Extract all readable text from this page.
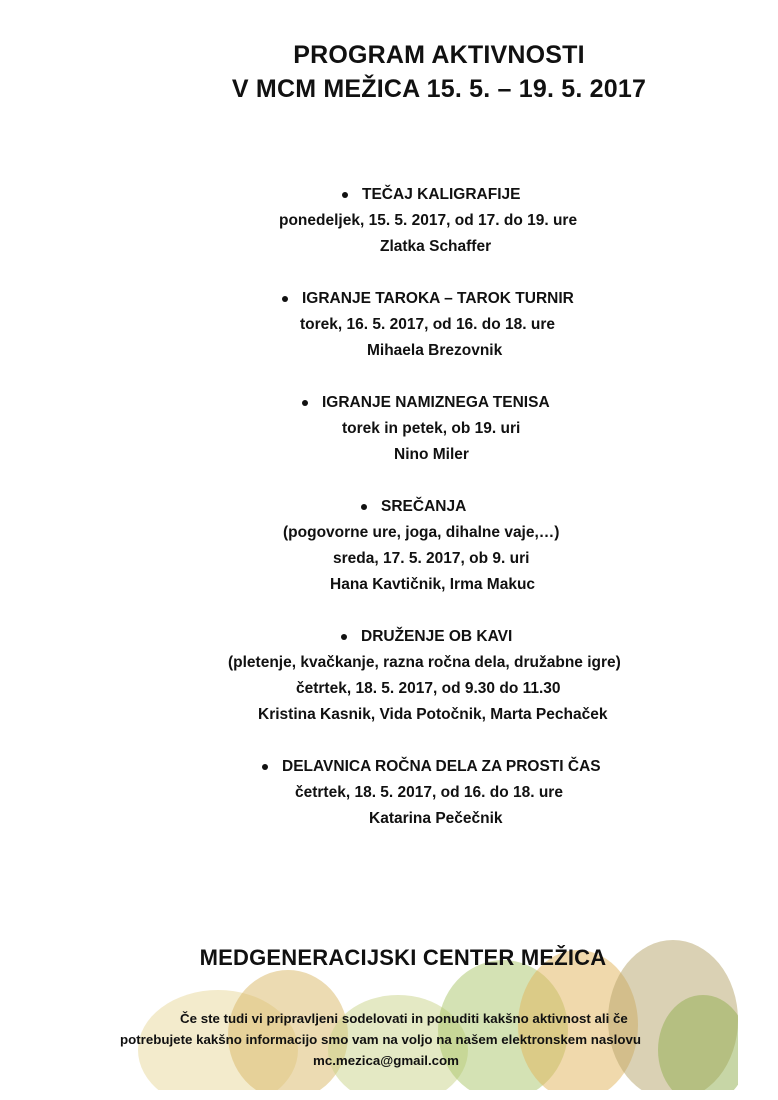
PROGRAM AKTIVNOSTI
V MCM MEŽICA 15. 5. – 19. 5. 2017
TEČAJ KALIGRAFIJE
ponedeljek, 15. 5. 2017, od 17. do 19. ure
Zlatka Schaffer
IGRANJE TAROKA – TAROK TURNIR
torek, 16. 5. 2017, od 16. do 18. ure
Mihaela Brezovnik
IGRANJE NAMIZNEGA TENISA
torek in petek, ob 19. uri
Nino Miler
SREČANJA
(pogovorne ure, joga, dihalne vaje,…)
sreda, 17. 5. 2017, ob 9. uri
Hana Kavtičnik, Irma Makuc
DRUŽENJE OB KAVI
(pletenje, kvačkanje, razna ročna dela, družabne igre)
četrtek, 18. 5. 2017, od 9.30 do 11.30
Kristina Kasnik, Vida Potočnik, Marta Pechaček
DELAVNICA ROČNA DELA ZA PROSTI ČAS
četrtek, 18. 5. 2017, od 16. do 18. ure
Katarina Pečečnik
MEDGENERACIJSKI CENTER MEŽICA
Če ste tudi vi pripravljeni sodelovati in ponuditi kakšno aktivnost ali če
potrebujete kakšno informacijo smo vam na voljo na našem elektronskem naslovu
mc.mezica@gmail.com
